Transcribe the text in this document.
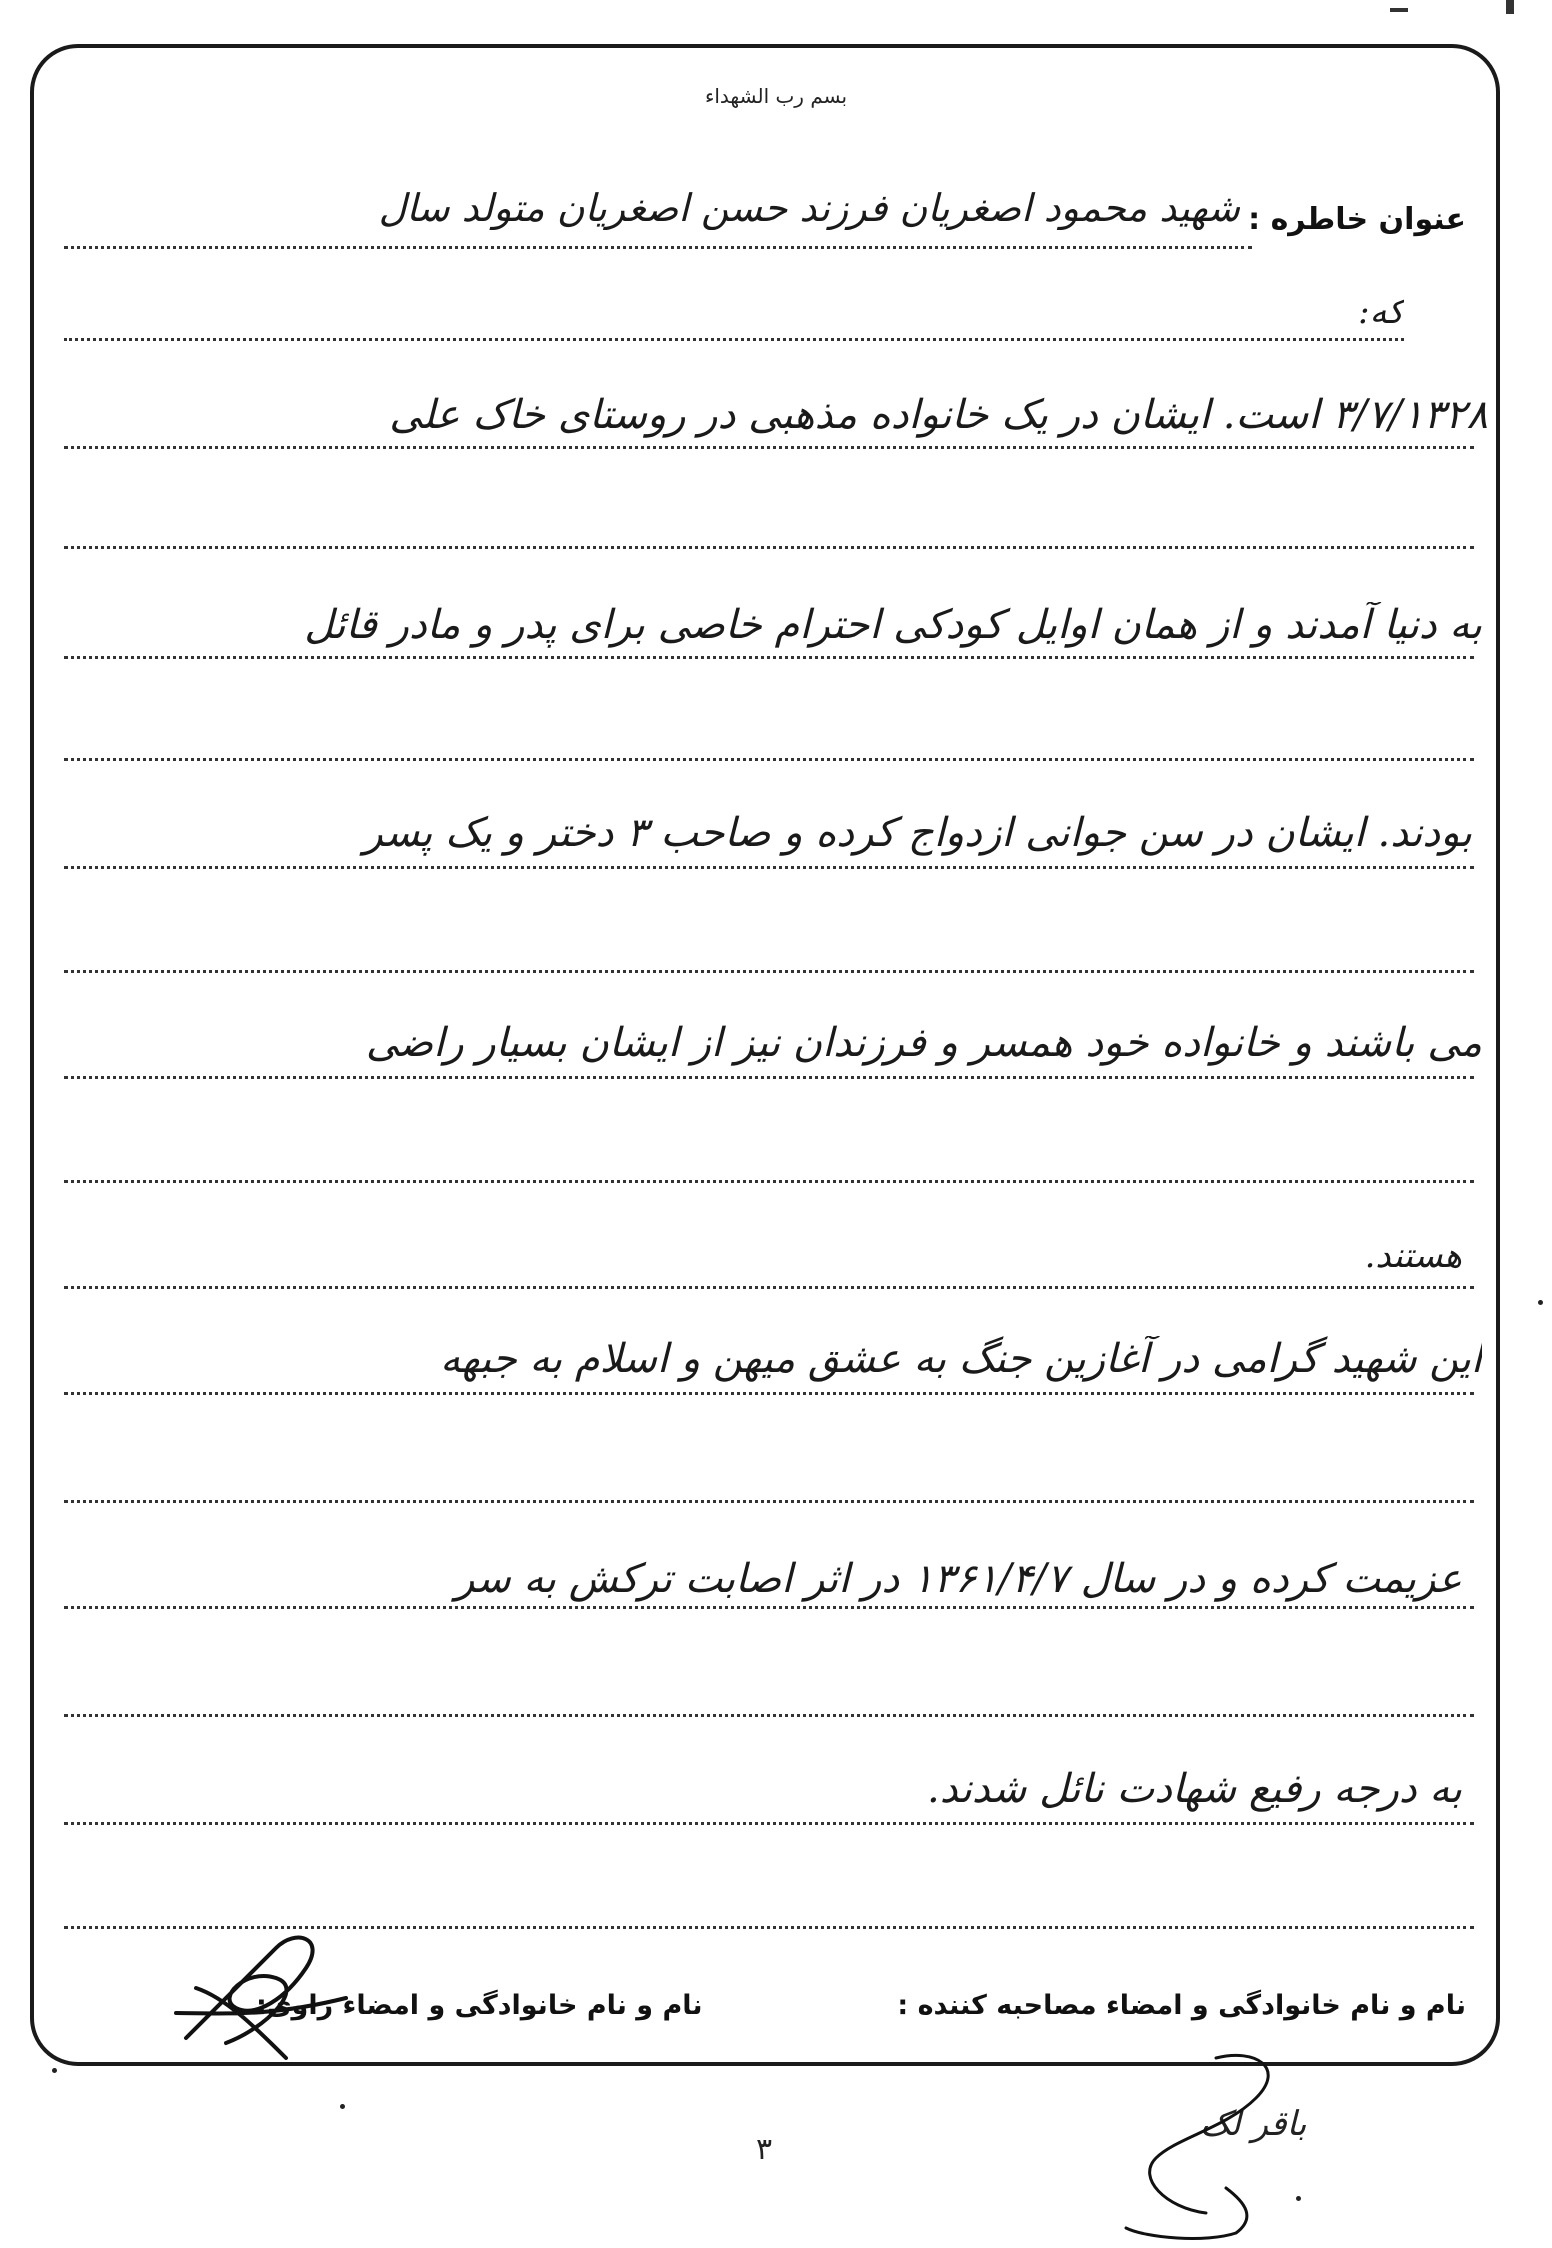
بسم رب الشهداء
عنوان خاطره :
شهید محمود اصغریان فرزند حسن اصغریان متولد سال
که:
۳/۷/۱۳۲۸ است. ایشان در یک خانواده مذهبی در روستای خاک علی
به دنیا آمدند و از همان اوایل کودکی احترام خاصی برای پدر و مادر قائل
بودند. ایشان در سن جوانی ازدواج کرده و صاحب ۳ دختر و یک پسر
می باشند و خانواده خود همسر و فرزندان نیز از ایشان بسیار راضی
هستند.
این شهید گرامی در آغازین جنگ به عشق میهن و اسلام به جبهه
عزیمت کرده و در سال ۱۳۶۱/۴/۷ در اثر اصابت ترکش به سر
به درجه رفیع شهادت نائل شدند.
نام و نام خانوادگی و امضاء مصاحبه کننده :
نام و نام خانوادگی و امضاء راوی:
۳
باقر لک
